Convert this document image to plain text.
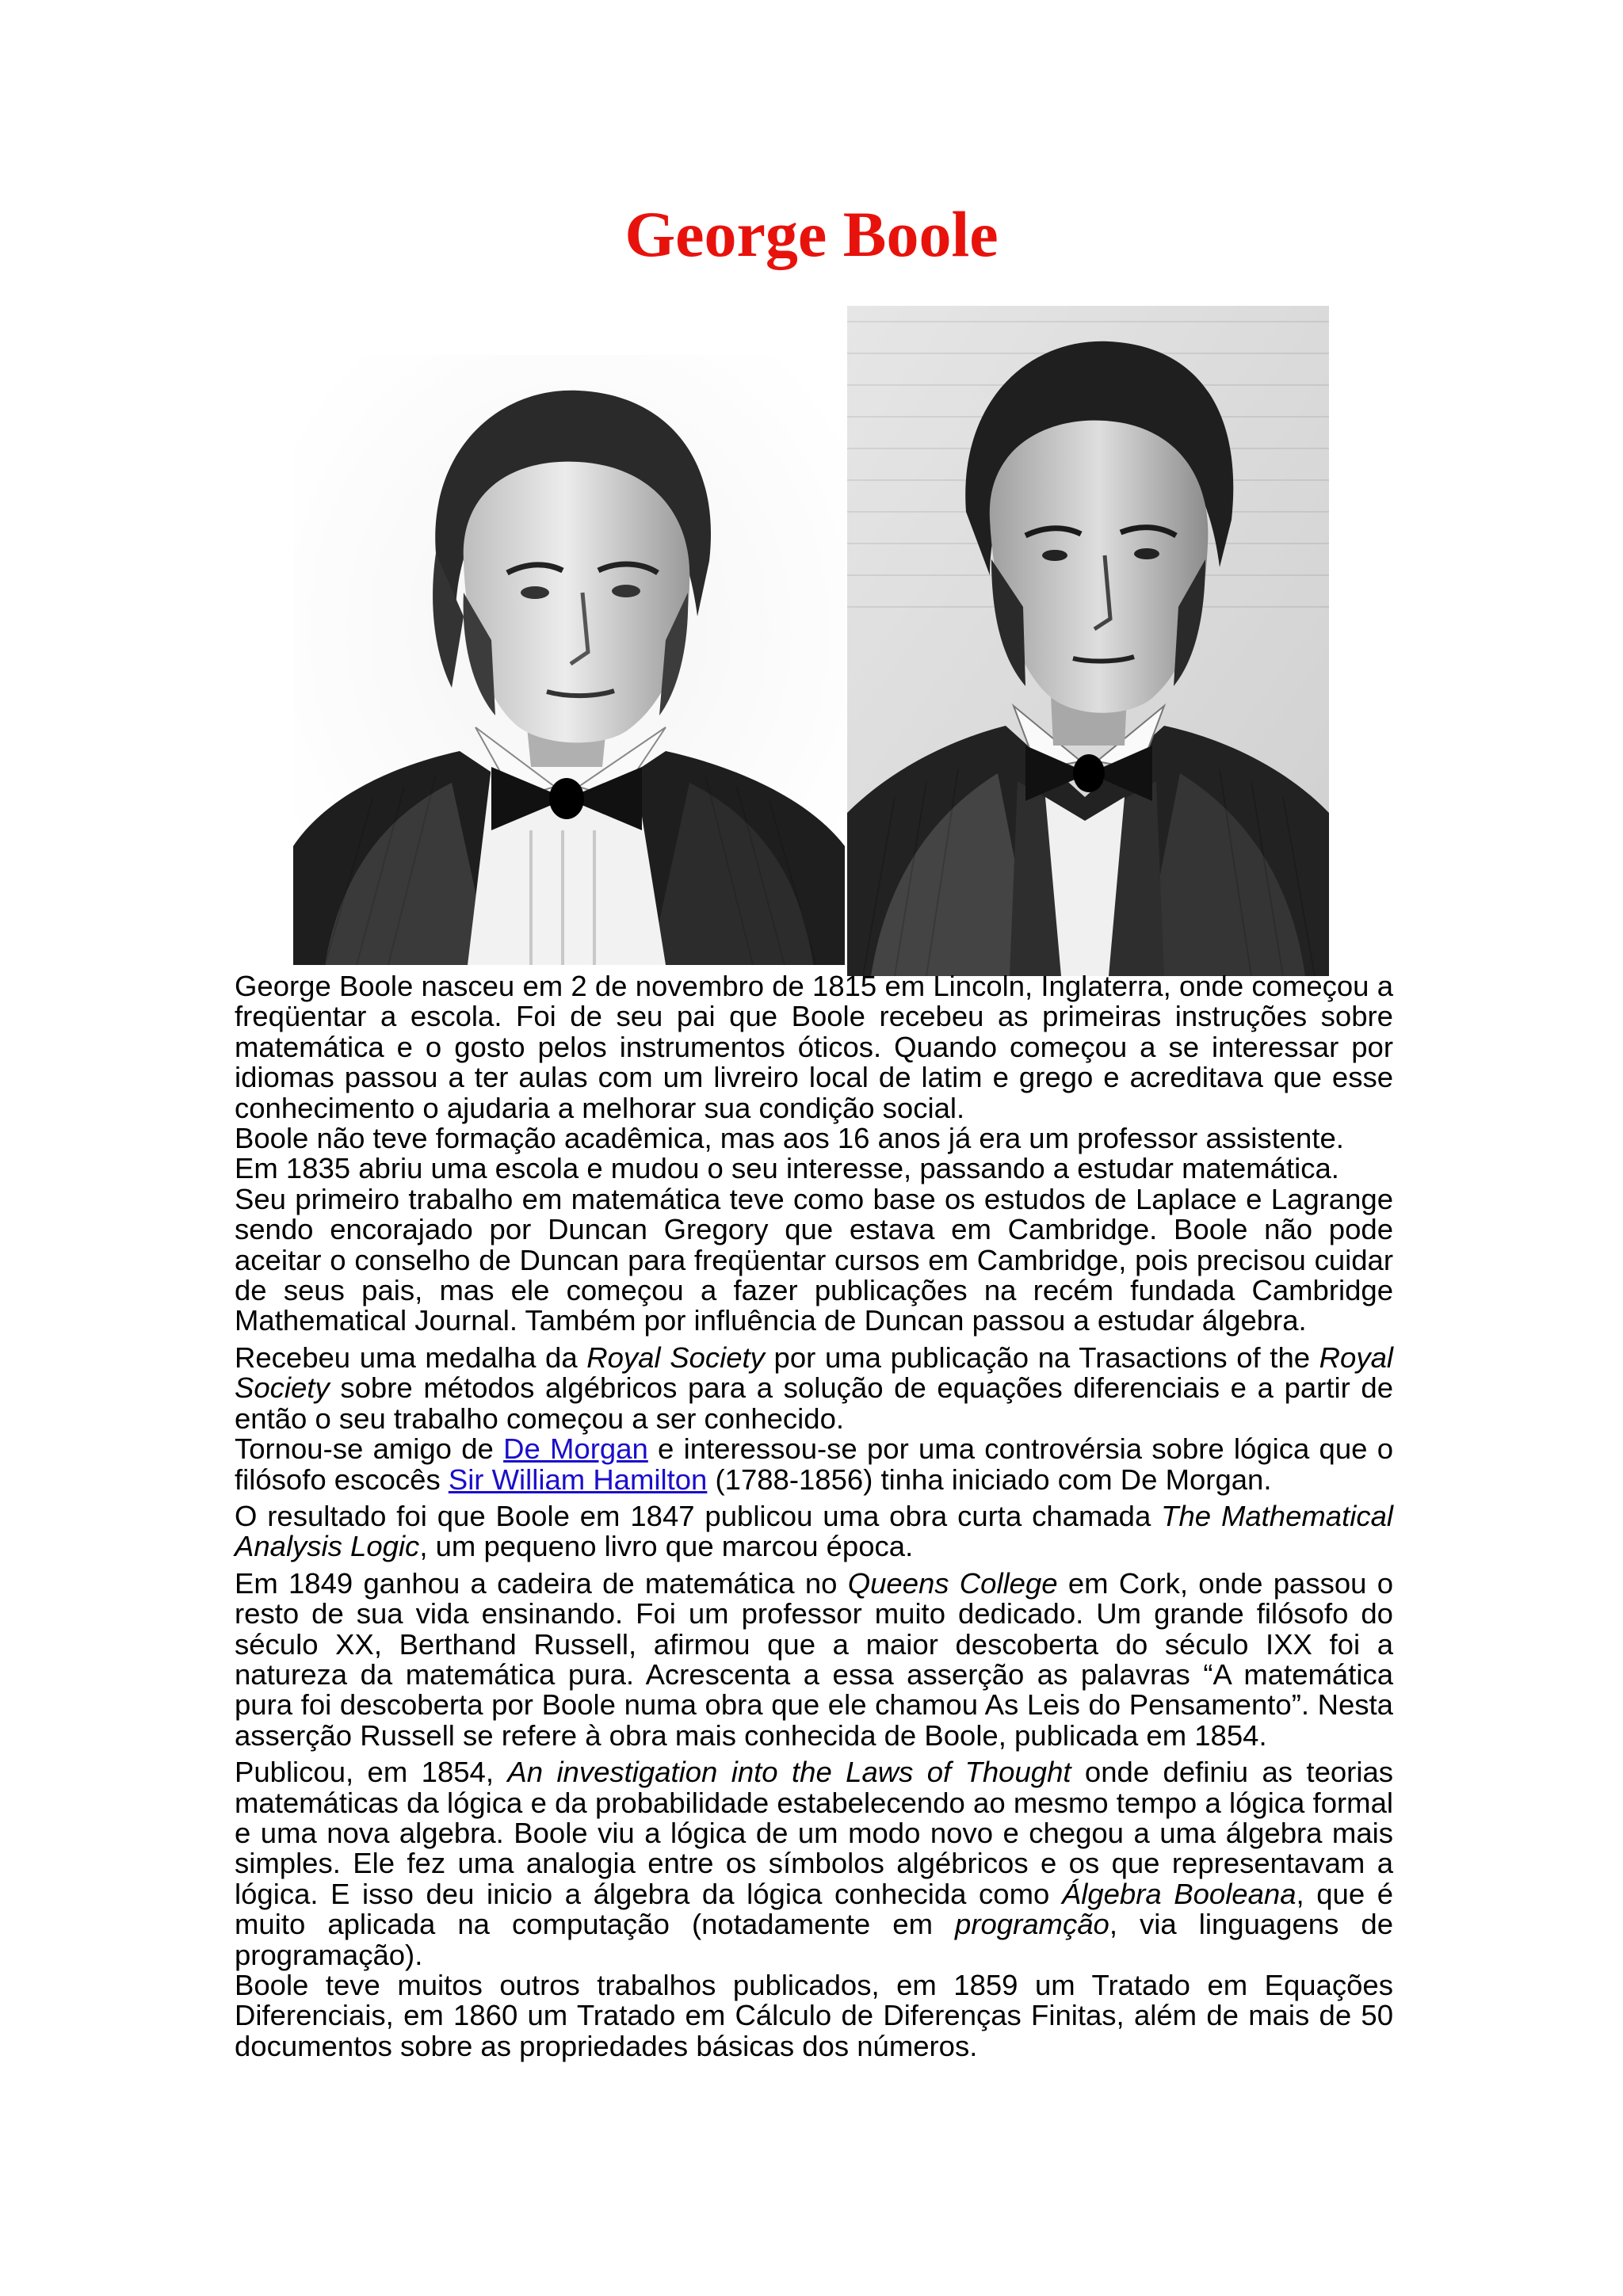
George Boole

George Boole nasceu em 2 de novembro de 1815 em Lincoln, Inglaterra, onde começou a freqüentar a escola. Foi de seu pai que Boole recebeu as primeiras instruções sobre matemática e o gosto pelos instrumentos óticos. Quando começou a se interessar por idiomas passou a ter aulas com um livreiro local de latim e grego e acreditava que esse conhecimento o ajudaria a melhorar sua condição social.

Boole não teve formação acadêmica, mas aos 16 anos já era um professor assistente.

Em 1835 abriu uma escola e mudou o seu interesse, passando a estudar matemática.

Seu primeiro trabalho em matemática teve como base os estudos de Laplace e Lagrange sendo encorajado por Duncan Gregory que estava em Cambridge. Boole não pode aceitar o conselho de Duncan para freqüentar cursos em Cambridge, pois precisou cuidar de seus pais, mas ele começou a fazer publicações na recém fundada Cambridge Mathematical Journal. Também por influência de Duncan passou a estudar álgebra.

Recebeu uma medalha da Royal Society por uma publicação na Trasactions of the Royal Society sobre métodos algébricos para a solução de equações diferenciais e a partir de então o seu trabalho começou a ser conhecido.

Tornou-se amigo de De Morgan e interessou-se por uma controvérsia sobre lógica que o filósofo escocês Sir William Hamilton (1788-1856) tinha iniciado com De Morgan.

O resultado foi que Boole em 1847 publicou uma obra curta chamada The Mathematical Analysis Logic, um pequeno livro que marcou época.

Em 1849 ganhou a cadeira de matemática no Queens College em Cork, onde passou o resto de sua vida ensinando. Foi um professor muito dedicado. Um grande filósofo do século XX, Berthand Russell, afirmou que a maior descoberta do século IXX foi a natureza da matemática pura. Acrescenta a essa asserção as palavras “A matemática pura foi descoberta por Boole numa obra que ele chamou As Leis do Pensamento”. Nesta asserção Russell se refere à obra mais conhecida de Boole, publicada em 1854.

Publicou, em 1854, An investigation into the Laws of Thought onde definiu as teorias matemáticas da lógica e da probabilidade estabelecendo ao mesmo tempo a lógica formal e uma nova algebra. Boole viu a lógica de um modo novo e chegou a uma álgebra mais simples. Ele fez uma analogia entre os símbolos algébricos e os que representavam a lógica. E isso deu inicio a álgebra da lógica conhecida como Álgebra Booleana, que é muito aplicada na computação (notadamente em programção, via linguagens de programação).

Boole teve muitos outros trabalhos publicados, em 1859 um Tratado em Equações Diferenciais, em 1860 um Tratado em Cálculo de Diferenças Finitas, além de mais de 50 documentos sobre as propriedades básicas dos números.
